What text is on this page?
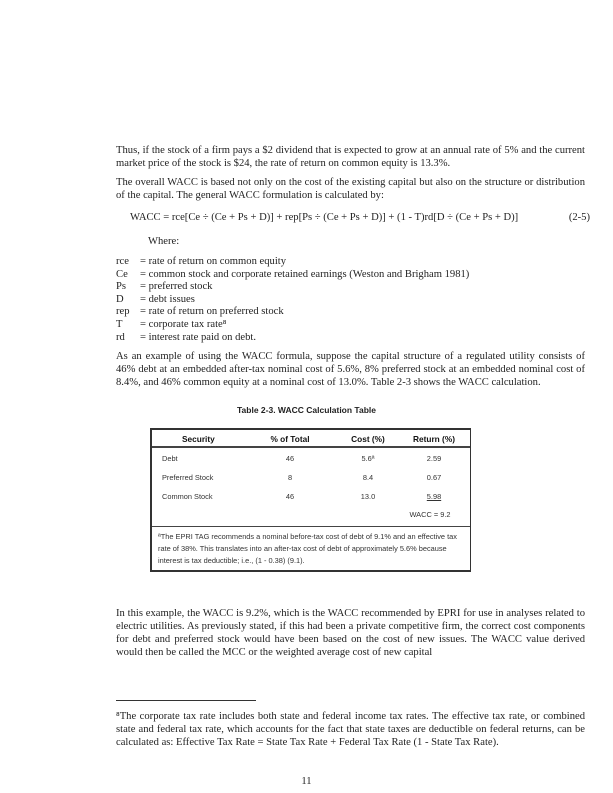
Thus, if the stock of a firm pays a $2 dividend that is expected to grow at an annual rate of 5% and the current market price of the stock is $24, the rate of return on common equity is 13.3%.
The overall WACC is based not only on the cost of the existing capital but also on the structure or distribution of the capital. The general WACC formulation is calculated by:
WACC = rce[Ce ÷ (Ce + Ps + D)] + rep[Ps ÷ (Ce + Ps + D)] + (1 - T)rd[D ÷ (Ce + Ps + D)]	(2-5)
Where:
rce = rate of return on common equity
Ce = common stock and corporate retained earnings (Weston and Brigham 1981)
Ps = preferred stock
D = debt issues
rep = rate of return on preferred stock
T = corporate tax rate⁸
rd = interest rate paid on debt.
As an example of using the WACC formula, suppose the capital structure of a regulated utility consists of 46% debt at an embedded after-tax nominal cost of 5.6%, 8% preferred stock at an embedded nominal cost of 8.4%, and 46% common equity at a nominal cost of 13.0%. Table 2-3 shows the WACC calculation.
Table 2-3. WACC Calculation Table
Security	% of Total	Cost (%)	Return (%)
Debt	46	5.6ª	2.59
Preferred Stock	8	8.4	0.67
Common Stock	46	13.0	5.98
WACC = 9.2
ªThe EPRI TAG recommends a nominal before-tax cost of debt of 9.1% and an effective tax rate of 38%. This translates into an after-tax cost of debt of approximately 5.6% because interest is tax deductible; i.e., (1 - 0.38) (9.1).
In this example, the WACC is 9.2%, which is the WACC recommended by EPRI for use in analyses related to electric utilities. As previously stated, if this had been a private competitive firm, the correct cost components for debt and preferred stock would have been based on the cost of new issues. The WACC value derived would then be called the MCC or the weighted average cost of new capital
⁸The corporate tax rate includes both state and federal income tax rates. The effective tax rate, or combined state and federal tax rate, which accounts for the fact that state taxes are deductible on federal returns, can be calculated as: Effective Tax Rate = State Tax Rate + Federal Tax Rate (1 - State Tax Rate).
11
